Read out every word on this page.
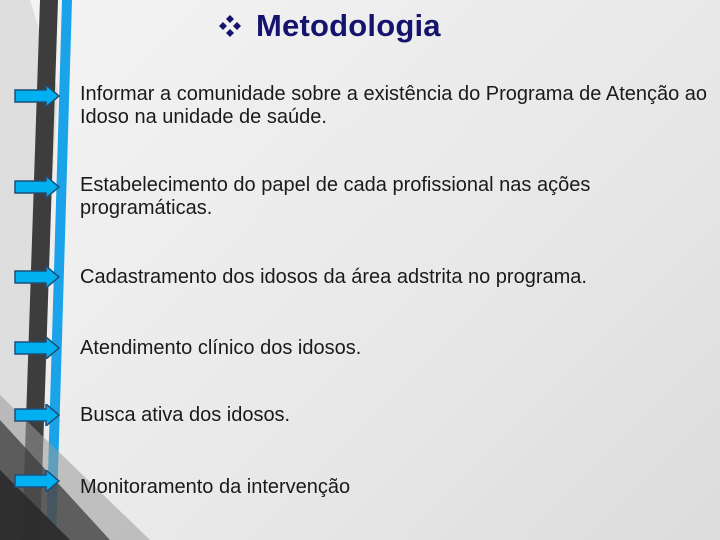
Metodologia
Informar a comunidade sobre a existência do Programa de Atenção ao Idoso na unidade de saúde.
Estabelecimento do papel de cada profissional nas ações programáticas.
Cadastramento dos idosos da área adstrita no programa.
Atendimento clínico dos idosos.
Busca ativa dos idosos.
Monitoramento da intervenção
